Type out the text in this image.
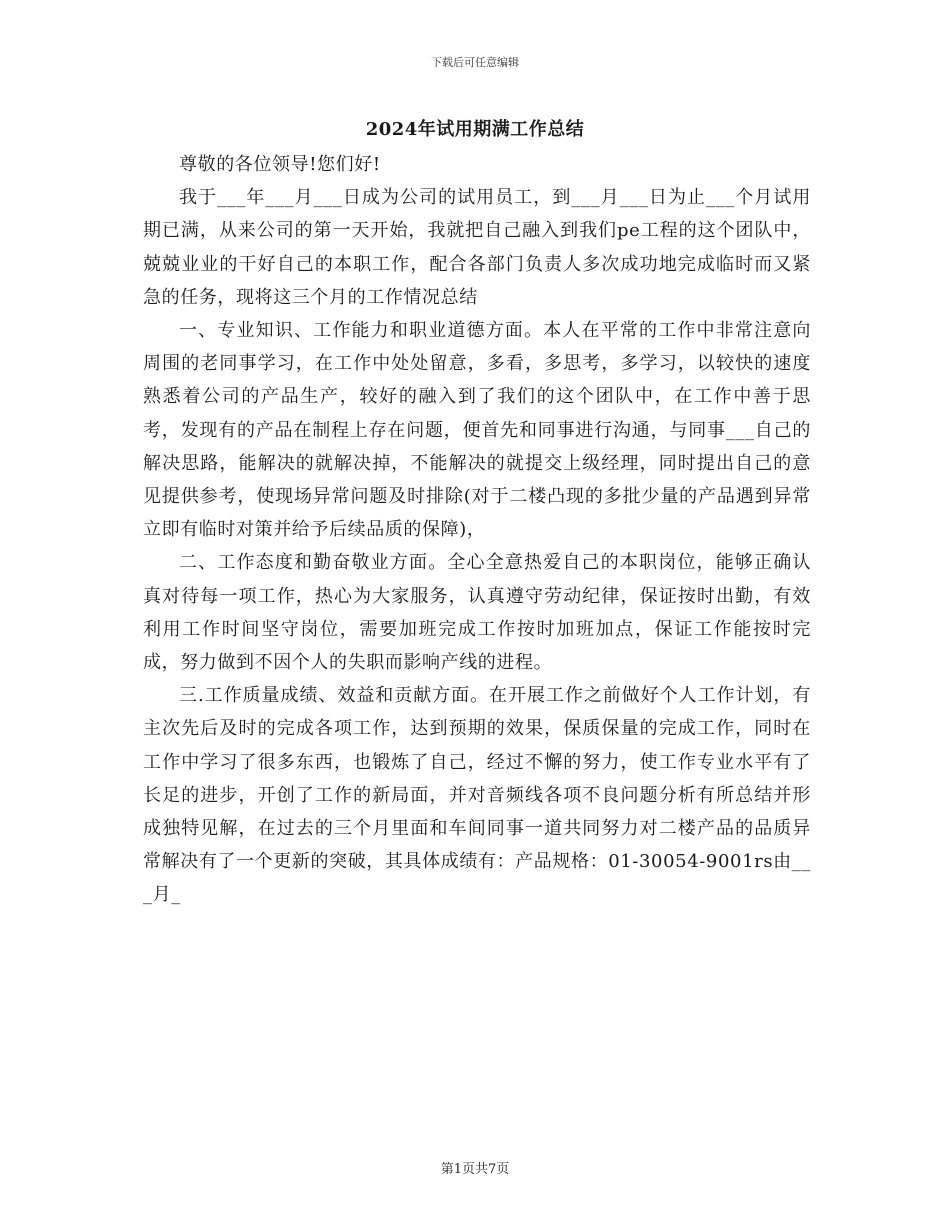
下载后可任意编辑
2024年试用期满工作总结

尊敬的各位领导!您们好!

我于___年___月___日成为公司的试用员工，到___月___日为止___个月试用期已满，从来公司的第一天开始，我就把自己融入到我们pe工程的这个团队中，兢兢业业的干好自己的本职工作，配合各部门负责人多次成功地完成临时而又紧急的任务，现将这三个月的工作情况总结

一、专业知识、工作能力和职业道德方面。本人在平常的工作中非常注意向周围的老同事学习，在工作中处处留意，多看，多思考，多学习，以较快的速度熟悉着公司的产品生产，较好的融入到了我们的这个团队中，在工作中善于思考，发现有的产品在制程上存在问题，便首先和同事进行沟通，与同事___自己的解决思路，能解决的就解决掉，不能解决的就提交上级经理，同时提出自己的意见提供参考，使现场异常问题及时排除(对于二楼凸现的多批少量的产品遇到异常立即有临时对策并给予后续品质的保障)，

二、工作态度和勤奋敬业方面。全心全意热爱自己的本职岗位，能够正确认真对待每一项工作，热心为大家服务，认真遵守劳动纪律，保证按时出勤，有效利用工作时间坚守岗位，需要加班完成工作按时加班加点，保证工作能按时完成，努力做到不因个人的失职而影响产线的进程。

三.工作质量成绩、效益和贡献方面。在开展工作之前做好个人工作计划，有主次先后及时的完成各项工作，达到预期的效果，保质保量的完成工作，同时在工作中学习了很多东西，也锻炼了自己，经过不懈的努力，使工作专业水平有了长足的进步，开创了工作的新局面，并对音频线各项不良问题分析有所总结并形成独特见解，在过去的三个月里面和车间同事一道共同努力对二楼产品的品质异常解决有了一个更新的突破，其具体成绩有：产品规格：01-30054-9001rs由___月_

第1页共7页
